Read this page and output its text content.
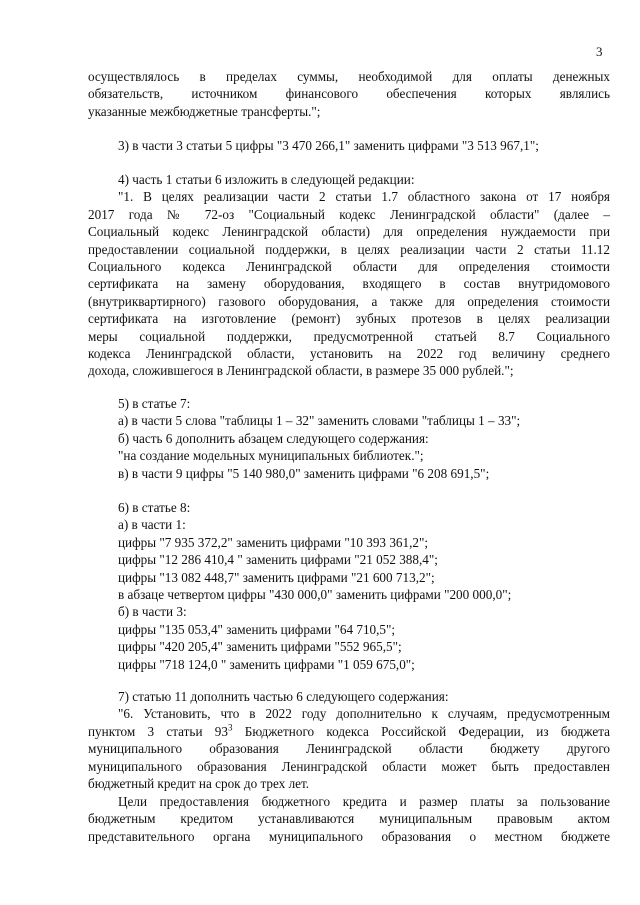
3
осуществлялось в пределах суммы, необходимой для оплаты денежных
обязательств, источником финансового обеспечения которых являлись
указанные межбюджетные трансферты.";
3) в части 3 статьи 5 цифры "3 470 266,1" заменить цифрами "3 513 967,1";
4) часть 1 статьи 6 изложить в следующей редакции:
"1. В целях реализации части 2 статьи 1.7 областного закона от 17 ноября
2017 года № 72-оз "Социальный кодекс Ленинградской области" (далее –
Социальный кодекс Ленинградской области) для определения нуждаемости при
предоставлении социальной поддержки, в целях реализации части 2 статьи 11.12
Социального кодекса Ленинградской области для определения стоимости
сертификата на замену оборудования, входящего в состав внутридомового
(внутриквартирного) газового оборудования, а также для определения стоимости
сертификата на изготовление (ремонт) зубных протезов в целях реализации
меры социальной поддержки, предусмотренной статьей 8.7 Социального
кодекса Ленинградской области, установить на 2022 год величину среднего
дохода, сложившегося в Ленинградской области, в размере 35 000 рублей.";
5) в статье 7:
а) в части 5 слова "таблицы 1 – 32" заменить словами "таблицы 1 – 33";
б) часть 6 дополнить абзацем следующего содержания:
"на создание модельных муниципальных библиотек.";
в) в части 9 цифры "5 140 980,0" заменить цифрами "6 208 691,5";
6) в статье 8:
а) в части 1:
цифры "7 935 372,2" заменить цифрами "10 393 361,2";
цифры "12 286 410,4 " заменить цифрами "21 052 388,4";
цифры "13 082 448,7" заменить цифрами "21 600 713,2";
в абзаце четвертом цифры "430 000,0" заменить цифрами "200 000,0";
б) в части 3:
цифры "135 053,4" заменить цифрами "64 710,5";
цифры "420 205,4" заменить цифрами "552 965,5";
цифры "718 124,0 " заменить цифрами "1 059 675,0";
7) статью 11 дополнить частью 6 следующего содержания:
"6. Установить, что в 2022 году дополнительно к случаям, предусмотренным
пунктом 3 статьи $93^3$ Бюджетного кодекса Российской Федерации, из бюджета
муниципального образования Ленинградской области бюджету другого
муниципального образования Ленинградской области может быть предоставлен
бюджетный кредит на срок до трех лет.
Цели предоставления бюджетного кредита и размер платы за пользование
бюджетным кредитом устанавливаются муниципальным правовым актом
представительного органа муниципального образования о местном бюджете
